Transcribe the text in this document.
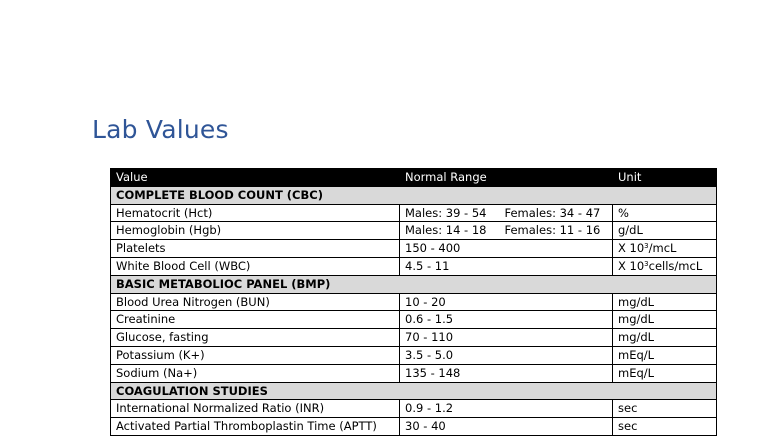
Lab Values
Value	Normal Range	Unit
COMPLETE BLOOD COUNT (CBC)		
Hematocrit (Hct)	Males: 39 - 54 Females: 34 - 47	%
Hemoglobin (Hgb)	Males: 14 - 18 Females: 11 - 16	g/dL
Platelets	150 - 400	X $10^3$/mcL
White Blood Cell (WBC)	4.5 - 11	X $10^3cells$/mcL
BASIC METABOLIOC PANEL (BMP)		
Blood Urea Nitrogen (BUN)	10 - 20	mg/dL
Creatinine	0.6 - 1.5	mg/dL
Glucose, fasting	70 - 110	mg/dL
Potassium (K+)	3.5 - 5.0	mEq/L
Sodium (Na+)	135 - 148	mEq/L
COAGULATION STUDIES		
International Normalized Ratio (INR)	0.9 - 1.2	sec
Activated Partial Thromboplastin Time (APTT)	30 - 40	sec
